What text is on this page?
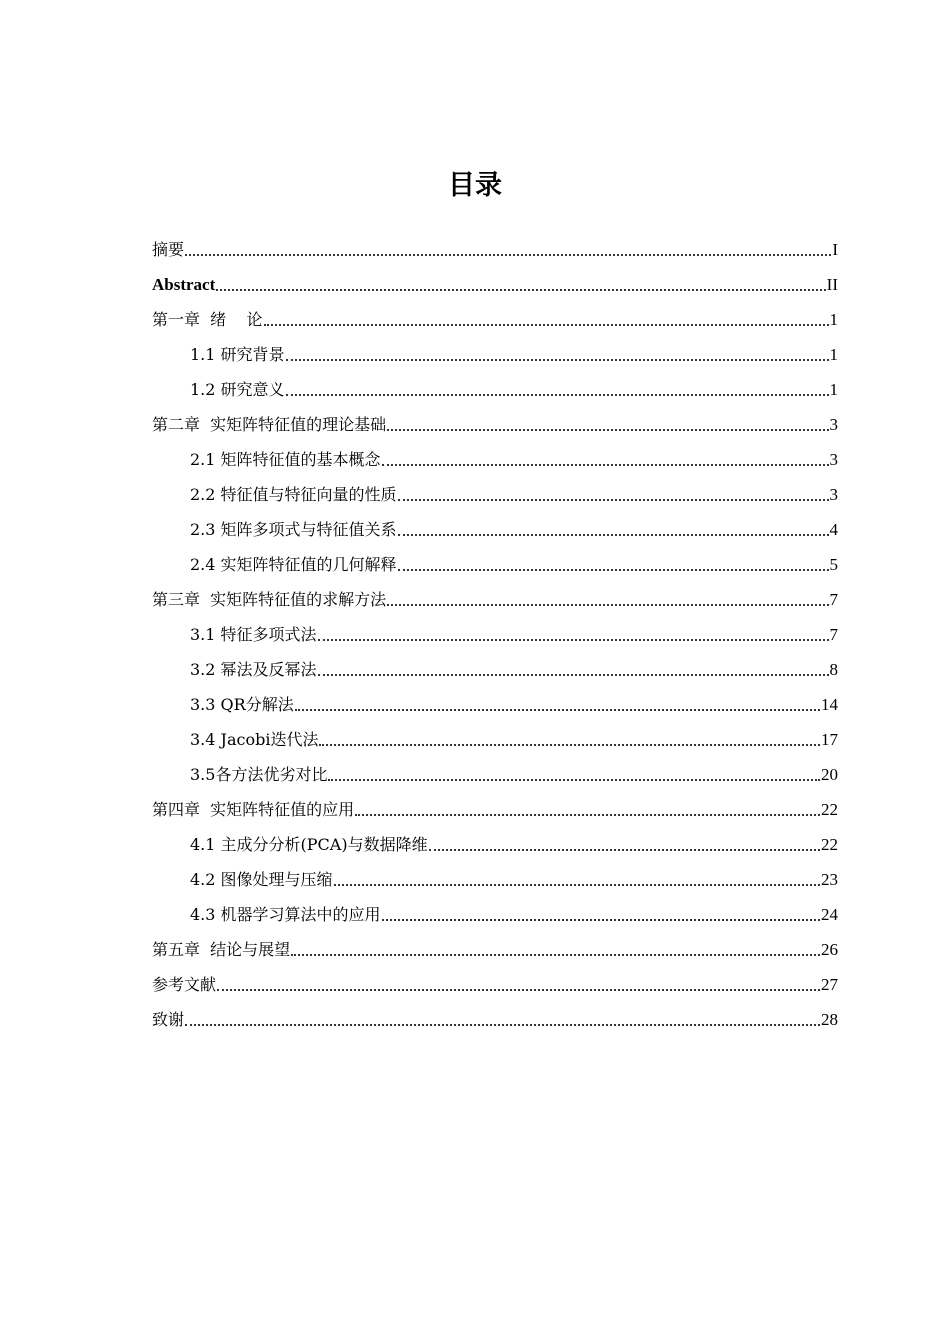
目录
摘要	I
Abstract	II
第一章  绪    论	1
1.1 研究背景	1
1.2 研究意义	1
第二章  实矩阵特征值的理论基础	3
2.1 矩阵特征值的基本概念	3
2.2 特征值与特征向量的性质	3
2.3 矩阵多项式与特征值关系	4
2.4 实矩阵特征值的几何解释	5
第三章  实矩阵特征值的求解方法	7
3.1 特征多项式法	7
3.2 幂法及反幂法	8
3.3 QR分解法	14
3.4 Jacobi迭代法	17
3.5各方法优劣对比	20
第四章  实矩阵特征值的应用	22
4.1 主成分分析(PCA)与数据降维	22
4.2 图像处理与压缩	23
4.3 机器学习算法中的应用	24
第五章  结论与展望	26
参考文献	27
致谢	28
